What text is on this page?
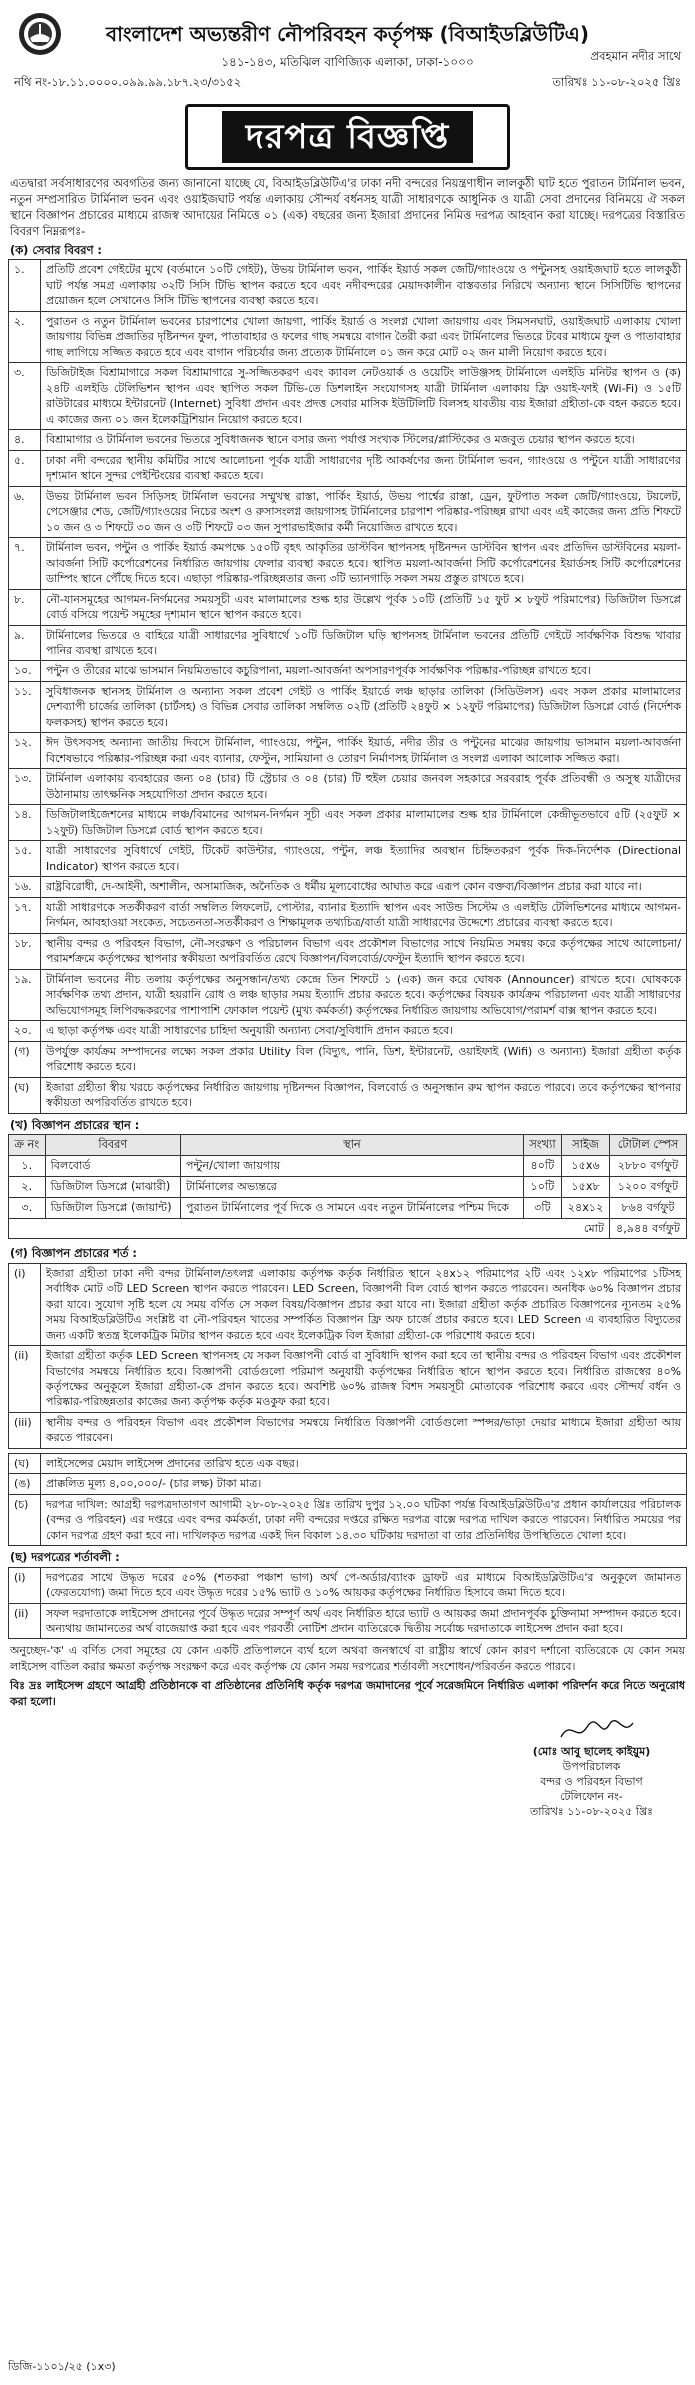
বাংলাদেশ অভ্যন্তরীণ নৌপরিবহন কর্তৃপক্ষ (বিআইডব্লিউটিএ)
১৪১-১৪৩, মতিঝিল বাণিজ্যিক এলাকা, ঢাকা-১০০০	প্রবহমান নদীর সাথে
নথি নং-১৮.১১.০০০০.০৯৯.৯৯.১৮৭.২৩/৩১৫২	তারিখঃ ১১-০৮-২০২৫ খ্রিঃ
দরপত্র বিজ্ঞপ্তি

এতদ্বারা সর্বসাধারণের অবগতির জন্য জানানো যাচ্ছে যে, বিআইডব্লিউটিএ'র ঢাকা নদী বন্দরের নিয়ন্ত্রণাধীন লালকুঠী ঘাট হতে পুরাতন টার্মিনাল ভবন, নতুন সম্প্রসারিত টার্মিনাল ভবন এবং ওয়াইজঘাট পর্যন্ত এলাকায় সৌন্দর্য বর্ধনসহ যাত্রী সাধারণকে আধুনিক ও যাত্রী সেবা প্রদানের বিনিময়ে ঐ সকল স্থানে বিজ্ঞাপন প্রচারের মাধ্যমে রাজস্ব আদায়ের নিমিত্তে ০১ (এক) বছরের জন্য ইজারা প্রদানের নিমিত্ত দরপত্র আহবান করা যাচ্ছে। দরপত্রের বিস্তারিত বিবরণ নিম্নরূপঃ-

(ক) সেবার বিবরণ :
১.	প্রতিটি প্রবেশ গেইটের মুখে (বর্তমানে ১০টি গেইট), উভয় টার্মিনাল ভবন, পার্কিং ইয়ার্ড সকল জেটি/গ্যাংওয়ে ও পন্টুনসহ ওয়াইজঘাট হতে লালকুঠী ঘাট পর্যন্ত সমগ্র এলাকায় ৩২টি সিসি টিভি স্থাপন করতে হবে এবং নদীবন্দরের মেয়াদকালীন বাস্তবতার নিরিখে অন্যান্য স্থানে সিসিটিভি স্থাপনের প্রয়োজন হলে সেখানেও সিসি টিভি স্থাপনের ব্যবস্থা করতে হবে।
২.	পুরাতন ও নতুন টার্মিনাল ভবনের চারপাশের খোলা জায়গা, পার্কিং ইয়ার্ড ও সংলগ্ন খোলা জায়গায় এবং সিমসনঘাট, ওয়াইজঘাট এলাকায় খোলা জায়গায় বিভিন্ন প্রজাতির দৃষ্টিনন্দন ফুল, পাতাবাহার ও ফলের গাছ সমন্বয়ে বাগান তৈরী করা এবং টার্মিনালের ভিতরে টবের মাধ্যমে ফুল ও পাতাবাহার গাছ লাগিয়ে সজ্জিত করতে হবে এবং বাগান পরিচর্যার জন্য প্রত্যেক টার্মিনালে ০১ জন করে মোট ০২ জন মালী নিয়োগ করতে হবে।
৩.	ডিজিটাইজ বিশ্রামাগারে সকল বিশ্রামাগারে সু-সজ্জিতকরণ এবং ক্যাবল নেটওয়ার্ক ও ওয়েটিং লাউঞ্জসহ টার্মিনালে এলইডি মনিটর স্থাপন ও (ক) ২৪টি এলইডি টেলিভিশন স্থাপন এবং স্থাপিত সকল টিভি-তে ডিশলাইন সংযোগসহ যাত্রী টার্মিনাল এলাকায় ফ্রি ওয়াই-ফাই (Wi-Fi) ও ১৫টি রাউটারের মাধ্যমে ইন্টারনেট (Internet) সুবিধা প্রদান এবং প্রদত্ত সেবার মাসিক ইউটিলিটি বিলসহ যাবতীয় ব্যয় ইজারা গ্রহীতা-কে বহন করতে হবে। এ কাজের জন্য ০১ জন ইলেকট্রিশিয়ান নিয়োগ করতে হবে।
৪.	বিশ্রামাগার ও টার্মিনাল ভবনের ভিতরে সুবিধাজনক স্থানে বসার জন্য পর্যাপ্ত সংখ্যক স্টিলের/প্লাস্টিকের ও মজবুত চেয়ার স্থাপন করতে হবে।
৫.	ঢাকা নদী বন্দরের স্থানীয় কমিটির সাথে আলোচনা পূর্বক যাত্রী সাধারণের দৃষ্টি আকর্ষণের জন্য টার্মিনাল ভবন, গ্যাংওয়ে ও পন্টুনে যাত্রী সাধারণের দৃশ্যমান স্থানে সুন্দর পেইন্টিংয়ের ব্যবস্থা করতে হবে।
৬.	উভয় টার্মিনাল ভবন সিড়িসহ টার্মিনাল ভবনের সম্মুখস্থ রাস্তা, পার্কিং ইয়ার্ড, উভয় পার্শ্বের রাস্তা, ড্রেন, ফুটপাত সকল জেটি/গ্যাংওয়ে, টয়লেট, পেসেঞ্জার শেড, জেটি/গ্যাংওয়ের নিচের অংশ ও রুসাসংলগ্ন জায়গাসহ টার্মিনালের চারপাশ পরিষ্কার-পরিচ্ছন্ন রাখা এবং এই কাজের জন্য প্রতি শিফটে ১০ জন ও ৩ শিফটে ৩০ জন ও ৩টি শিফটে ০৩ জন সুপারভাইজার কর্মী নিয়োজিত রাখতে হবে।
৭.	টার্মিনাল ভবন, পন্টুন ও পার্কিং ইয়ার্ড কমপক্ষে ১৫০টি বৃহৎ আকৃতির ডাস্টবিন স্থাপনসহ দৃষ্টিনন্দন ডাস্টবিন স্থাপন এবং প্রতিদিন ডাস্টবিনের ময়লা-আবর্জনা সিটি কর্পোরেশনের নির্ধারিত জায়গায় ফেলার ব্যবস্থা করতে হবে। স্থাপিত ময়লা-আবর্জনা সিটি কর্পোরেশনের ইয়ার্ডসহ সিটি কর্পোরেশনের ডাম্পিং স্থানে পৌঁছে দিতে হবে। এছাড়া পরিষ্কার-পরিচ্ছন্নতার জন্য ৩টি ভ্যানগাড়ি সকল সময় প্রস্তুত রাখতে হবে।
৮.	নৌ-যানসমূহের আগমন-নির্গমনের সময়সূচী এবং মালামালের শুল্ক হার উল্লেখ পূর্বক ১০টি (প্রতিটি ১৫ ফুট × ৮ফুট পরিমাপের) ডিজিটাল ডিসপ্লে বোর্ড বসিয়ে পয়েন্ট সমূহের দৃশ্যমান স্থানে স্থাপন করতে হবে।
৯.	টার্মিনালের ভিতরে ও বাহিরে যাত্রী সাধারণের সুবিধার্থে ১০টি ডিজিটাল ঘড়ি স্থাপনসহ টার্মিনাল ভবনের প্রতিটি গেইটে সার্বক্ষণিক বিশুদ্ধ খাবার পানির ব্যবস্থা রাখতে হবে।
১০.	পন্টুন ও তীরের মাঝে ভাসমান নিয়মিতভাবে কচুরিপানা, ময়লা-আবর্জনা অপসারণপূর্বক সার্বক্ষণিক পরিষ্কার-পরিচ্ছন্ন রাখতে হবে।
১১.	সুবিধাজনক স্থানসহ টার্মিনাল ও অন্যান্য সকল প্রবেশ গেইট ও পার্কিং ইয়ার্ডে লঞ্চ ছাড়ার তালিকা (সিডিউলস) এবং সকল প্রকার মালামালের দেশব্যাপী চার্জের তালিকা (চার্টসহ) ও বিভিন্ন সেবার তালিকা সম্বলিত ০২টি (প্রতিটি ২৪ফুট × ১২ফুট পরিমাপের) ডিজিটাল ডিসপ্লে বোর্ড (নির্দেশক ফলকসহ) স্থাপন করতে হবে।
১২.	ঈদ উৎসবসহ অন্যান্য জাতীয় দিবসে টার্মিনাল, গ্যাংওয়ে, পন্টুন, পার্কিং ইয়ার্ড, নদীর তীর ও পন্টুনের মাঝের জায়গায় ভাসমান ময়লা-আবর্জনা বিশেষভাবে পরিষ্কার-পরিচ্ছন্ন করা এবং ব্যানার, ফেস্টুন, সামিয়ানা ও তোরণ নির্মাণসহ টার্মিনাল ও সংলগ্ন এলাকা আলোক সজ্জিত করা।
১৩.	টার্মিনাল এলাকায় ব্যবহারের জন্য ০৪ (চার) টি স্ট্রেচার ও ০৪ (চার) টি হুইল চেয়ার জনবল সহকারে সরবরাহ পূর্বক প্রতিবন্ধী ও অসুস্থ যাত্রীদের উঠানামায় তাৎক্ষনিক সহযোগিতা প্রদান করতে হবে।
১৪.	ডিজিটালাইজেশনের মাধ্যমে লঞ্চ/বিমানের আগমন-নির্গমন সূচী এবং সকল প্রকার মালামালের শুল্ক হার টার্মিনালে কেন্দ্রীভূতভাবে ৫টি (২৫ফুট × ১২ফুট) ডিজিটাল ডিসপ্লে বোর্ড স্থাপন করতে হবে।
১৫.	যাত্রী সাধারণের সুবিধার্থে গেইট, টিকেট কাউন্টার, গ্যাংওয়ে, পন্টুন, লঞ্চ ইত্যাদির অবস্থান চিহ্নিতকরণ পূর্বক দিক-নির্দেশক (Directional Indicator) স্থাপন করতে হবে।
১৬.	রাষ্ট্রবিরোধী, দে-আইনী, অশালীন, অসামাজিক, অনৈতিক ও ধর্মীয় মূল্যবোধের আঘাত করে এরূপ কোন বক্তব্য/বিজ্ঞাপন প্রচার করা যাবে না।
১৭.	যাত্রী সাধারণকে সতর্কীকরণ বার্তা সম্বলিত লিফলেট, পোস্টার, ব্যানার ইত্যাদি স্থাপন এবং সাউন্ড সিস্টেম ও এলইডি টেলিভিশনের মাধ্যমে আগমন-নির্গমন, আবহাওয়া সংকেত, সচেতনতা-সতর্কীকরণ ও শিক্ষামূলক তথ্যচিত্র/বার্তা যাত্রী সাধারণের উদ্দেশ্যে প্রচারের ব্যবস্থা করতে হবে।
১৮.	স্থানীয় বন্দর ও পরিবহন বিভাগ, নৌ-সংরক্ষণ ও পরিচালন বিভাগ এবং প্রকৌশল বিভাগের সাথে নিয়মিত সমন্বয় করে কর্তৃপক্ষের সাথে আলোচনা/পরামর্শক্রমে কর্তৃপক্ষের স্থাপনার স্বকীয়তা অপরিবর্তিত রেখে বিজ্ঞাপন/বিলবোর্ড/ফেস্টুন ইত্যাদি স্থাপন করতে হবে।
১৯.	টার্মিনাল ভবনের নীচ তলায় কর্তৃপক্ষের অনুসন্ধান/তথ্য কেন্দ্রে তিন শিফটে ১ (এক) জন করে ঘোষক (Announcer) রাখতে হবে। ঘোষককে সার্বক্ষণিক তথ্য প্রদান, যাত্রী হয়রানি রোধ ও লঞ্চ ছাড়ার সময় ইত্যাদি প্রচার করতে হবে। কর্তৃপক্ষের বিষয়ক কার্যক্রম পরিচালনা এবং যাত্রী সাধারণের অভিযোগসমূহ লিপিবদ্ধকরণের পাশাপাশি ফোকাল পয়েন্ট (মুখ্য কর্মকর্তা) কর্তৃপক্ষের নির্ধারিত জায়গায় অভিযোগ/পরামর্শ বাক্স স্থাপন করতে হবে।
২০.	এ ছাড়া কর্তৃপক্ষ এবং যাত্রী সাধারণের চাহিদা অনুযায়ী অন্যান্য সেবা/সুবিধাদি প্রদান করতে হবে।
(গ)	উপর্যুক্ত কার্যক্রম সম্পাদনের লক্ষ্যে সকল প্রকার Utility বিল (বিদ্যুৎ, পানি, ডিশ, ইন্টারনেট, ওয়াইফাই (Wifi) ও অন্যান্য) ইজারা গ্রহীতা কর্তৃক পরিশোধ করতে হবে।
(ঘ)	ইজারা গ্রহীতা স্বীয় খরচে কর্তৃপক্ষের নির্ধারিত জায়গায় দৃষ্টিনন্দন বিজ্ঞাপন, বিলবোর্ড ও অনুসন্ধান রুম স্থাপন করতে পারবে। তবে কর্তৃপক্ষের স্থাপনার স্বকীয়তা অপরিবর্তিত রাখতে হবে।
(খ) বিজ্ঞাপন প্রচারের স্থান :
ক্র নং	বিবরণ	স্থান	সংখ্যা	সাইজ	টোটাল স্পেস
১.	বিলবোর্ড	পন্টুন/খোলা জায়গায়	৪০টি	১৫x৬	২৮৮০ বর্গফুট
২.	ডিজিটাল ডিসপ্লে (মাঝারী)	টার্মিনালের অভ্যন্তরে	১০টি	১৫x৮	১২০০ বর্গফুট
৩.	ডিজিটাল ডিসপ্লে (জায়ান্ট)	পুরাতন টার্মিনালের পূর্ব দিকে ও সামনে এবং নতুন টার্মিনালের পশ্চিম দিকে	৩টি	২৪x১২	৮৬৪ বর্গফুট
মোট					৪,৯৪৪ বর্গফুট
(গ) বিজ্ঞাপন প্রচারের শর্ত :
(i)	ইজারা গ্রহীতা ঢাকা নদী বন্দর টার্মিনাল/তৎলগ্ন এলাকায় কর্তৃপক্ষ কর্তৃক নির্ধারিত স্থানে ২৪x১২ পরিমাপের ২টি এবং ১২x৮ পরিমাপের ১টিসহ সর্বাধিক মোট ৩টি LED Screen স্থাপন করতে পারবেন। LED Screen, বিজ্ঞাপনী বিল বোর্ড স্থাপন করতে পারবেন। অনধিক ৬০% বিজ্ঞাপন প্রচার করা যাবে। সুযোগ সৃষ্টি হলে যে সময় বর্ণিত সে সকল বিষয়/বিজ্ঞাপন প্রচার করা যাবে না। ইজারা গ্রহীতা কর্তৃক প্রচারিত বিজ্ঞাপনের ন্যূনতম ২৫% সময় বিআইডব্লিউটিএ সংশ্লিষ্ট বা নৌ-পরিবহন খাতের সম্পর্কিত বিজ্ঞাপন ফ্রি অফ চার্জে প্রচার করতে হবে। LED Screen এ ব্যবহারিত বিদ্যুতের জন্য একটি স্বতন্ত্র ইলেকট্রিক মিটার স্থাপন করতে হবে এবং ইলেকট্রিক বিল ইজারা গ্রহীতা-কে পরিশোধ করতে হবে।
(ii)	ইজারা গ্রহীতা কর্তৃক LED Screen স্থাপনসহ যে সকল বিজ্ঞাপনী বোর্ড বা সুবিধাদি স্থাপন করা হবে তা স্থানীয় বন্দর ও পরিবহন বিভাগ এবং প্রকৌশল বিভাগের সমন্বয়ে নির্ধারিত হবে। বিজ্ঞাপনী বোর্ডগুলো পরিমাপ অনুযায়ী কর্তৃপক্ষের নির্ধারিত স্থানে স্থাপন করতে হবে। নির্ধারিত রাজস্বের ৪০% কর্তৃপক্ষের অনুকূলে ইজারা গ্রহীতা-কে প্রদান করতে হবে। অবশিষ্ট ৬০% রাজস্ব বিশদ সময়সূচী মোতাবেক পরিশোধ করবে এবং সৌন্দর্য বর্ধন ও পরিষ্কার-পরিচ্ছন্নতার কাজের জন্য কর্তৃপক্ষ কর্তৃক মওকুফ করা হবে।
(iii)	স্থানীয় বন্দর ও পরিবহন বিভাগ এবং প্রকৌশল বিভাগের সমন্বয়ে নির্ধারিত বিজ্ঞাপনী বোর্ডগুলো স্পন্সর/ভাড়া দেয়ার মাধ্যমে ইজারা গ্রহীতা আয় করতে পারবেন।
(ঘ)	লাইসেন্সের মেয়াদ লাইসেন্স প্রদানের তারিখ হতে এক বছর।
(ঙ)	প্রাক্কলিত মূল্য ৪,০০,০০০/- (চার লক্ষ) টাকা মাত্র।
(চ)	দরপত্র দাখিল: আগ্রহী দরপত্রদাতাগণ আগামী ২৮-০৮-২০২৫ খ্রিঃ তারিখ দুপুর ১২.০০ ঘটিকা পর্যন্ত বিআইডব্লিউটিএ'র প্রধান কার্যালয়ের পরিচালক (বন্দর ও পরিবহন) এর দপ্তরে এবং বন্দর কর্মকর্তা, ঢাকা নদী বন্দরের দপ্তরে রক্ষিত দরপত্র বাক্সে দরপত্র দাখিল করতে পারবেন। নির্ধারিত সময়ের পর কোন দরপত্র গ্রহণ করা হবে না। দাখিলকৃত দরপত্র একই দিন বিকাল ১৪.৩০ ঘটিকায় দরদাতা বা তার প্রতিনিধির উপস্থিতিতে খোলা হবে।
(ছ) দরপত্রের শর্তাবলী :
(i)	দরপত্রের সাথে উদ্ধৃত দরের ৫০% (শতকরা পঞ্চাশ ভাগ) অর্থ পে-অর্ডার/ব্যাংক ড্রাফট এর মাধ্যমে বিআইডব্লিউটিএ'র অনুকূলে জামানত (ফেরতযোগ্য) জমা দিতে হবে এবং উদ্ধৃত দরের ১৫% ভ্যাট ও ১০% আয়কর কর্তৃপক্ষের নির্ধারিত হিসাবে জমা দিতে হবে।
(ii)	সফল দরদাতাকে লাইসেন্স প্রদানের পূর্বে উদ্ধৃত দরের সম্পূর্ণ অর্থ এবং নির্ধারিত হারে ভ্যাট ও আয়কর জমা প্রদানপূর্বক চুক্তিনামা সম্পাদন করতে হবে। অন্যথায় জামানতের অর্থ বাজেয়াপ্ত করা হবে এবং পরবর্তী নোটিশ প্রদান ব্যতিরেকে দ্বিতীয় সর্বোচ্চ দরদাতাকে লাইসেন্স প্রদান করা হবে।

অনুচ্ছেদ-'ক' এ বর্ণিত সেবা সমূহের যে কোন একটি প্রতিপালনে ব্যর্থ হলে অথবা জনস্বার্থে বা রাষ্ট্রীয় স্বার্থে কোন কারণ দর্শানো ব্যতিরেকে যে কোন সময় লাইসেন্স বাতিল করার ক্ষমতা কর্তৃপক্ষ সংরক্ষণ করে এবং কর্তৃপক্ষ যে কোন সময় দরপত্রের শর্তাবলী সংশোধন/পরিবর্তন করতে পারবে।

বিঃ দ্রঃ লাইসেন্স গ্রহণে আগ্রহী প্রতিষ্ঠানকে বা প্রতিষ্ঠানের প্রতিনিধি কর্তৃক দরপত্র জমাদানের পূর্বে সরেজমিনে নির্ধারিত এলাকা পরিদর্শন করে নিতে অনুরোধ করা হলো।

(মোঃ আবু ছালেহ কাইয়ুম)
উপপরিচালক
বন্দর ও পরিবহন বিভাগ
টেলিফোন নং-
তারিখঃ ১১-০৮-২০২৫ খ্রিঃ
ডিজি-১১০১/২৫ (১x৩)
